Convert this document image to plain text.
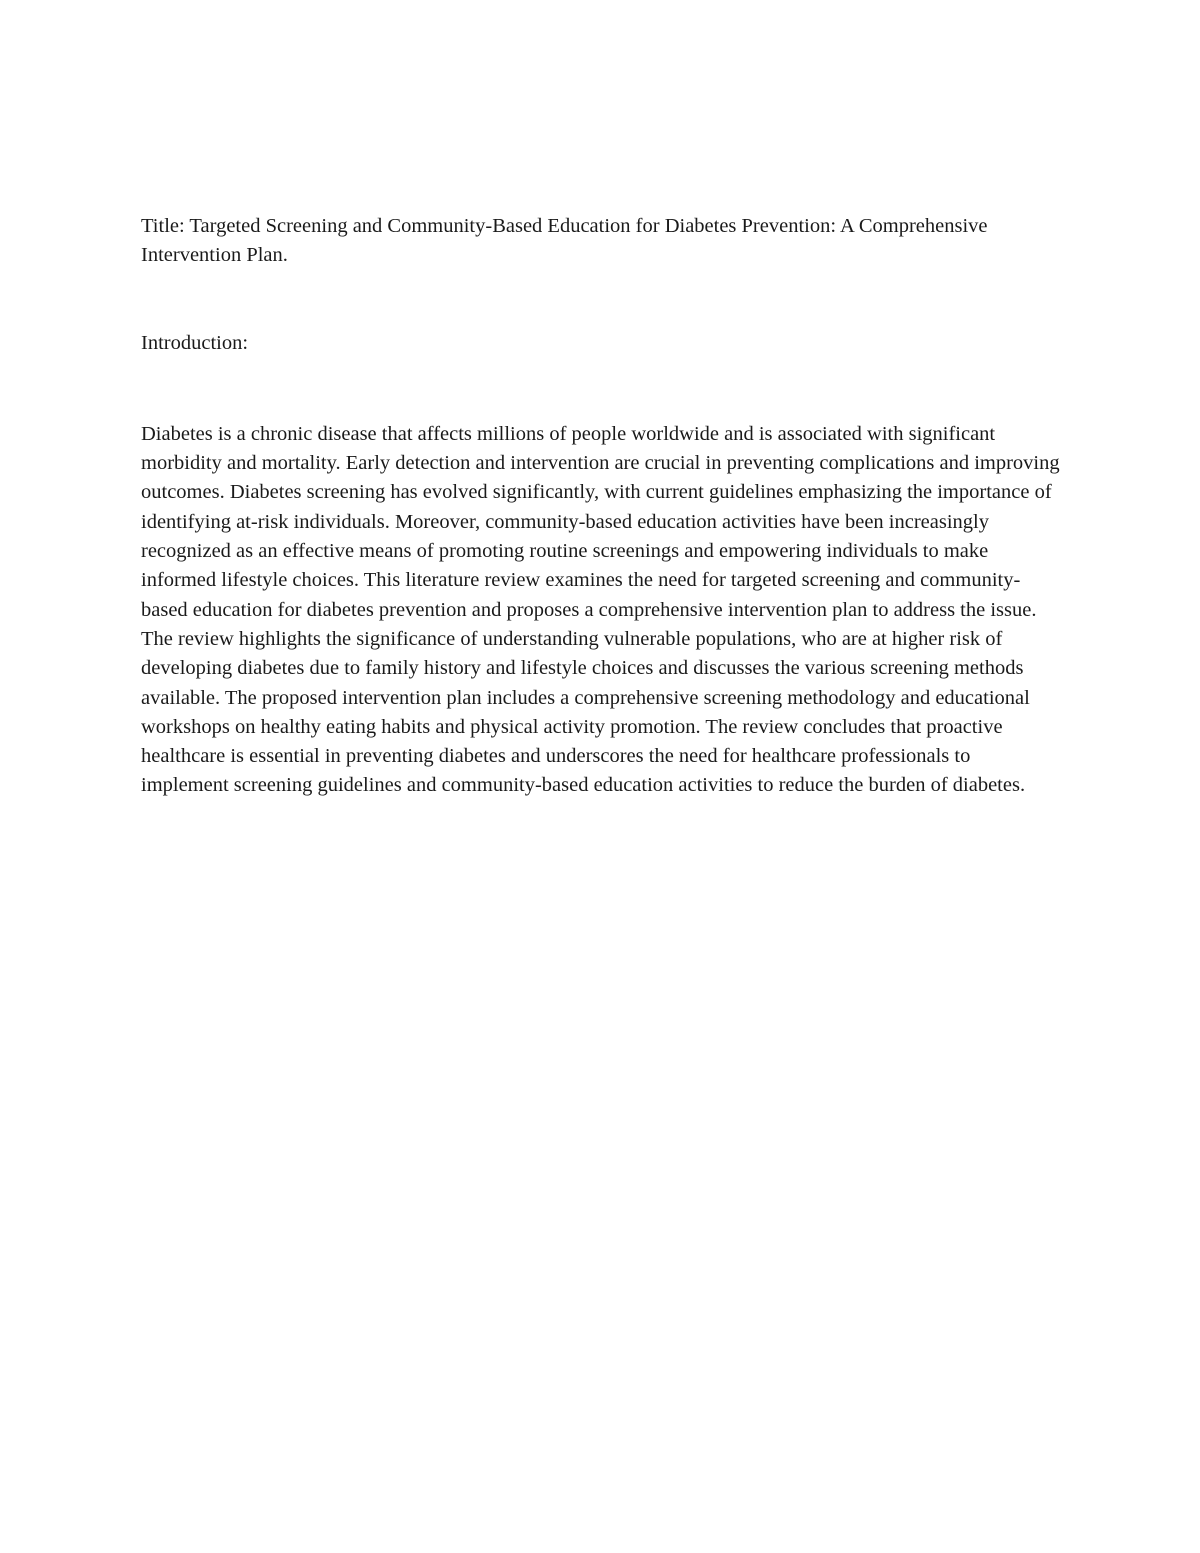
Title: Targeted Screening and Community-Based Education for Diabetes Prevention: A Comprehensive Intervention Plan.

Introduction:

Diabetes is a chronic disease that affects millions of people worldwide and is associated with significant morbidity and mortality. Early detection and intervention are crucial in preventing complications and improving outcomes. Diabetes screening has evolved significantly, with current guidelines emphasizing the importance of identifying at-risk individuals. Moreover, community-based education activities have been increasingly recognized as an effective means of promoting routine screenings and empowering individuals to make informed lifestyle choices. This literature review examines the need for targeted screening and community-based education for diabetes prevention and proposes a comprehensive intervention plan to address the issue. The review highlights the significance of understanding vulnerable populations, who are at higher risk of developing diabetes due to family history and lifestyle choices and discusses the various screening methods available. The proposed intervention plan includes a comprehensive screening methodology and educational workshops on healthy eating habits and physical activity promotion. The review concludes that proactive healthcare is essential in preventing diabetes and underscores the need for healthcare professionals to implement screening guidelines and community-based education activities to reduce the burden of diabetes.
